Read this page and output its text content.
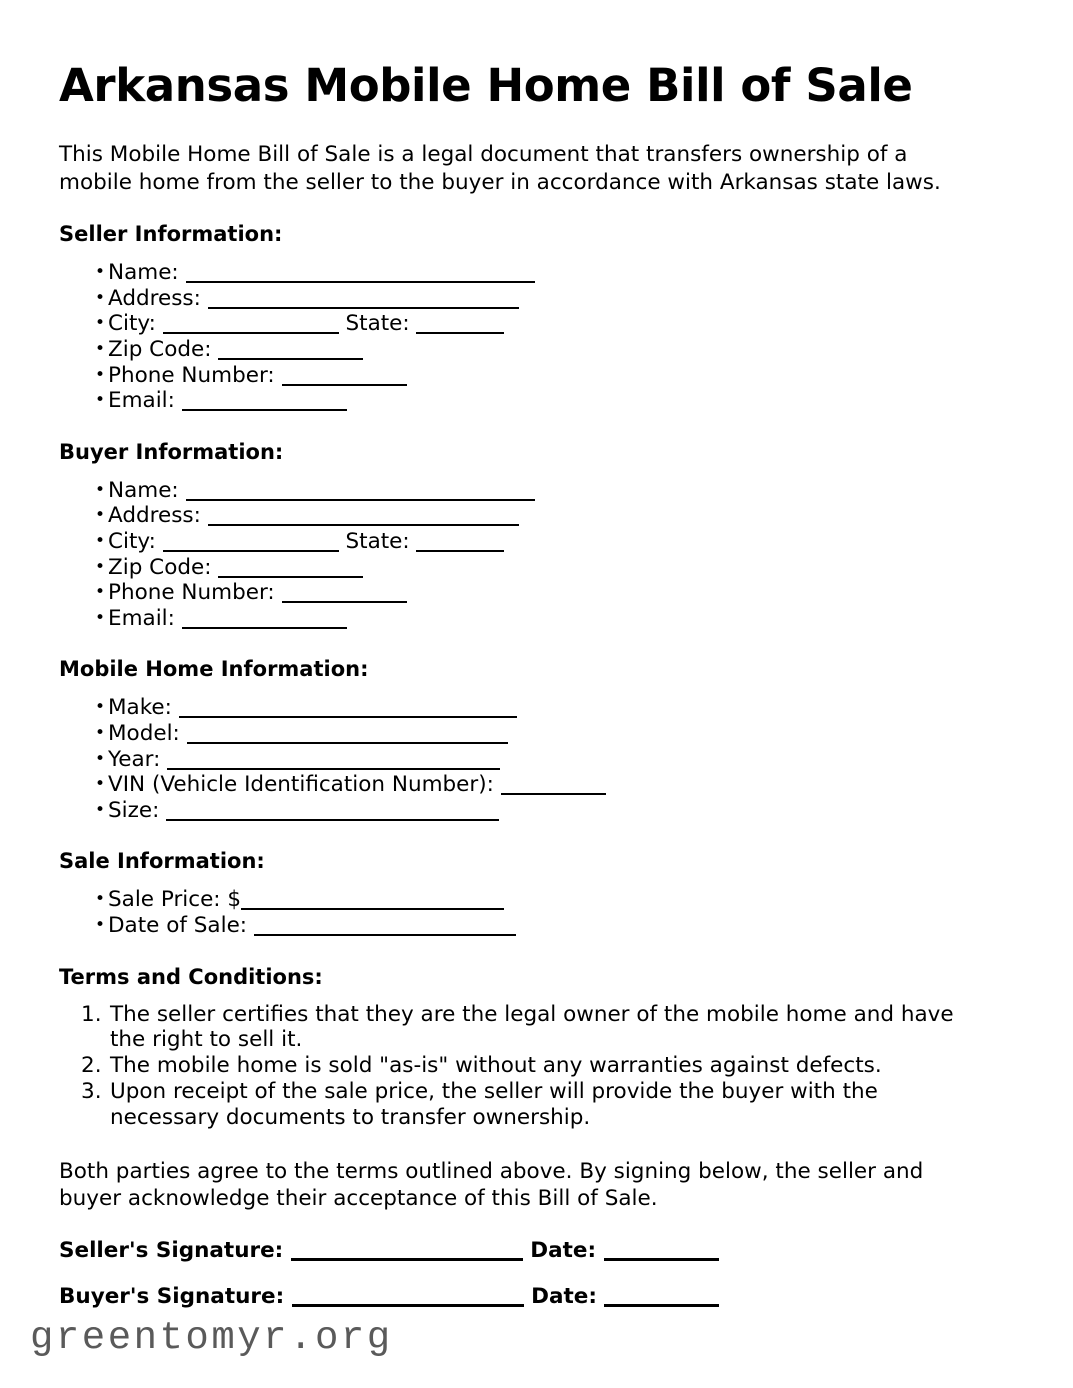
Arkansas Mobile Home Bill of Sale

This Mobile Home Bill of Sale is a legal document that transfers ownership of a mobile home from the seller to the buyer in accordance with Arkansas state laws.

Seller Information:
• Name:
• Address:
• City:	State:
• Zip Code:
• Phone Number:
• Email:
Buyer Information:
• Name:
• Address:
• City:	State:
• Zip Code:
• Phone Number:
• Email:
Mobile Home Information:
• Make:
• Model:
• Year:
• VIN (Vehicle Identification Number):
• Size:
Sale Information:
• Sale Price: $
• Date of Sale:
Terms and Conditions:
The seller certifies that they are the legal owner of the mobile home and have the right to sell it.
The mobile home is sold "as-is" without any warranties against defects.
Upon receipt of the sale price, the seller will provide the buyer with the necessary documents to transfer ownership.

Both parties agree to the terms outlined above. By signing below, the seller and buyer acknowledge their acceptance of this Bill of Sale.

Seller's Signature:	Date:
Buyer's Signature:	Date:
greentomyr.org
